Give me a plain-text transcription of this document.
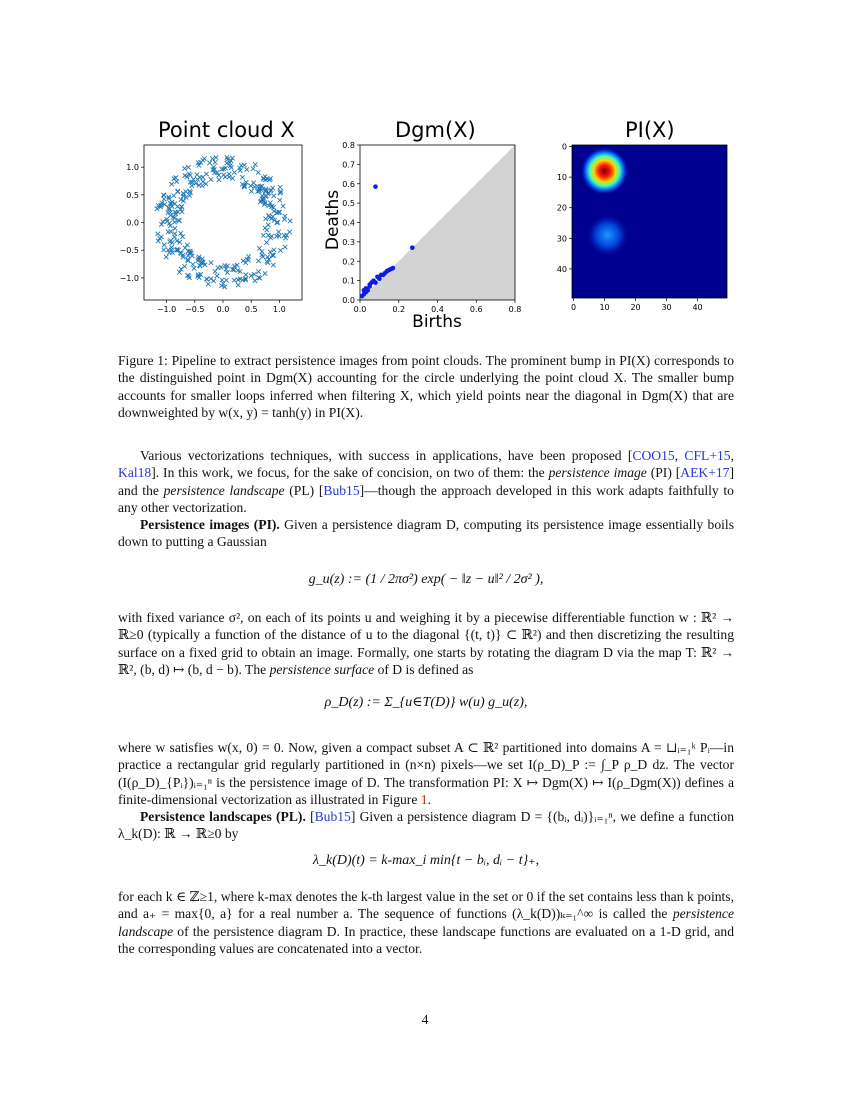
Point cloud X
−1.0 −0.5 0.0 0.5 1.0
1.0
0.5
0.0
−0.5
−1.0
Dgm(X)
0.0	0.2	0.4	0.6	0.8
0.0
0.1
0.2
0.3
0.4
0.5
0.6
0.7
0.8
Births
Deaths
PI(X)
0	10	20	30	40
0
10
20
30
40
Figure 1: Pipeline to extract persistence images from point clouds. The prominent bump in PI(X) corresponds to the distinguished point in Dgm(X) accounting for the circle underlying the point cloud X. The smaller bump accounts for smaller loops inferred when filtering X, which yield points near the diagonal in Dgm(X) that are downweighted by w(x, y) = tanh(y) in PI(X).

Various vectorizations techniques, with success in applications, have been proposed [COO15, CFL+15, Kal18]. In this work, we focus, for the sake of concision, on two of them: the persistence image (PI) [AEK+17] and the persistence landscape (PL) [Bub15]—though the approach developed in this work adapts faithfully to any other vectorization.

Persistence images (PI). Given a persistence diagram D, computing its persistence image essentially boils down to putting a Gaussian

g_u(z) := (1 / 2πσ²) exp( − ‖z − u‖² / 2σ² ),

with fixed variance σ², on each of its points u and weighing it by a piecewise differentiable function w : ℝ² → ℝ≥0 (typically a function of the distance of u to the diagonal {(t, t)} ⊂ ℝ²) and then discretizing the resulting surface on a fixed grid to obtain an image. Formally, one starts by rotating the diagram D via the map T: ℝ² → ℝ², (b, d) ↦ (b, d − b). The persistence surface of D is defined as

ρ_D(z) := Σ_{u∈T(D)} w(u) g_u(z),

where w satisfies w(x, 0) = 0. Now, given a compact subset A ⊂ ℝ² partitioned into domains A = ⊔ᵢ₌₁ᵏ Pᵢ—in practice a rectangular grid regularly partitioned in (n×n) pixels—we set I(ρ_D)_P := ∫_P ρ_D dz. The vector (I(ρ_D)_{Pᵢ})ᵢ₌₁ⁿ is the persistence image of D. The transformation PI: X ↦ Dgm(X) ↦ I(ρ_Dgm(X)) defines a finite-dimensional vectorization as illustrated in Figure 1.

Persistence landscapes (PL). [Bub15] Given a persistence diagram D = {(bᵢ, dᵢ)}ᵢ₌₁ⁿ, we define a function λ_k(D): ℝ → ℝ≥0 by

λ_k(D)(t) = k-max_i min{t − bᵢ, dᵢ − t}₊,

for each k ∈ ℤ≥1, where k-max denotes the k-th largest value in the set or 0 if the set contains less than k points, and a₊ = max{0, a} for a real number a. The sequence of functions (λ_k(D))ₖ₌₁^∞ is called the persistence landscape of the persistence diagram D. In practice, these landscape functions are evaluated on a 1-D grid, and the corresponding values are concatenated into a vector.

4
